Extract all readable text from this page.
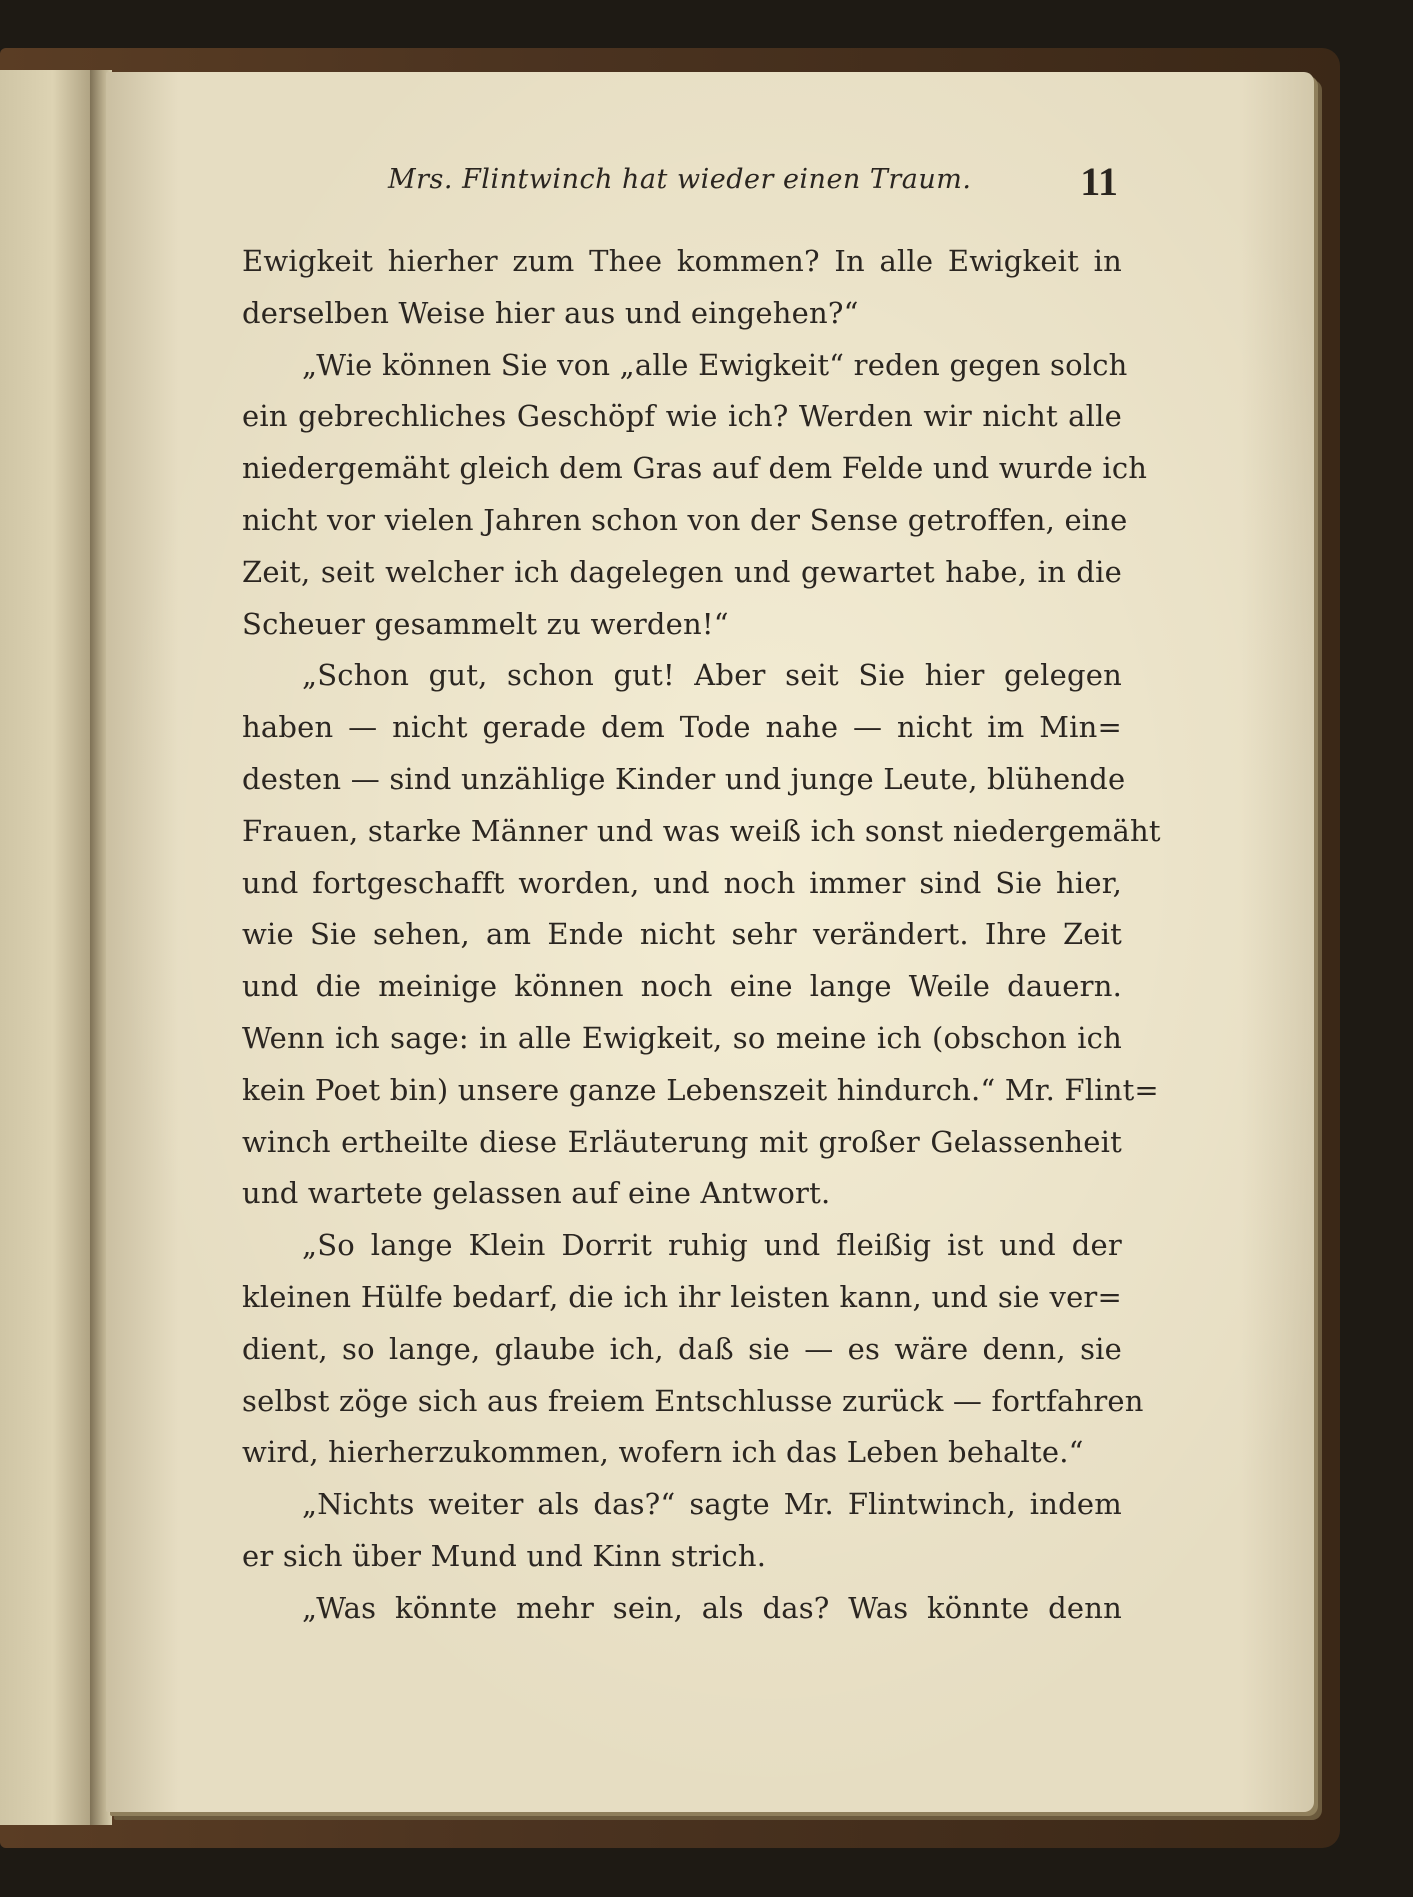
Mrs. Flintwinch hat wieder einen Traum.	11
Ewigkeit hierher zum Thee kommen? In alle Ewigkeit in
derselben Weise hier aus und eingehen?“
„Wie können Sie von „alle Ewigkeit“ reden gegen solch
ein gebrechliches Geschöpf wie ich? Werden wir nicht alle
niedergemäht gleich dem Gras auf dem Felde und wurde ich
nicht vor vielen Jahren schon von der Sense getroffen, eine
Zeit, seit welcher ich dagelegen und gewartet habe, in die
Scheuer gesammelt zu werden!“
„Schon gut, schon gut! Aber seit Sie hier gelegen
haben — nicht gerade dem Tode nahe — nicht im Min=
desten — sind unzählige Kinder und junge Leute, blühende
Frauen, starke Männer und was weiß ich sonst niedergemäht
und fortgeschafft worden, und noch immer sind Sie hier,
wie Sie sehen, am Ende nicht sehr verändert. Ihre Zeit
und die meinige können noch eine lange Weile dauern.
Wenn ich sage: in alle Ewigkeit, so meine ich (obschon ich
kein Poet bin) unsere ganze Lebenszeit hindurch.“ Mr. Flint=
winch ertheilte diese Erläuterung mit großer Gelassenheit
und wartete gelassen auf eine Antwort.
„So lange Klein Dorrit ruhig und fleißig ist und der
kleinen Hülfe bedarf, die ich ihr leisten kann, und sie ver=
dient, so lange, glaube ich, daß sie — es wäre denn, sie
selbst zöge sich aus freiem Entschlusse zurück — fortfahren
wird, hierherzukommen, wofern ich das Leben behalte.“
„Nichts weiter als das?“ sagte Mr. Flintwinch, indem
er sich über Mund und Kinn strich.
„Was könnte mehr sein, als das? Was könnte denn
